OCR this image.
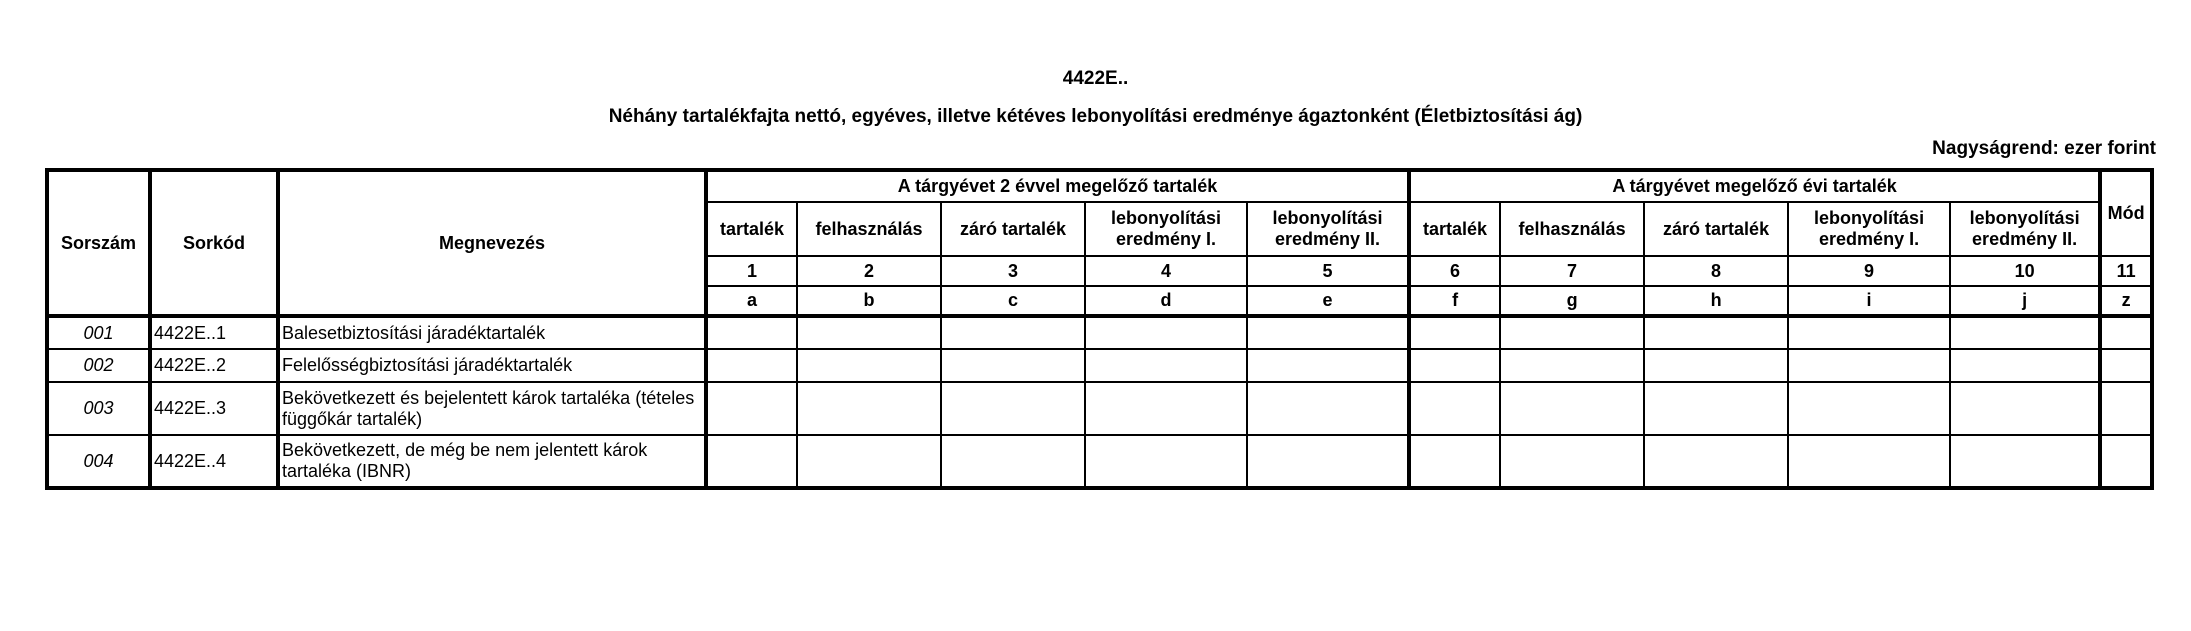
4422E..
Néhány tartalékfajta nettó, egyéves, illetve kétéves lebonyolítási eredménye ágaztonként (Életbiztosítási ág)
Nagyságrend: ezer forint
Sorszám	Sorkód	Megnevezés	A tárgyévet 2 évvel megelőző tartalék					A tárgyévet megelőző évi tartalék					Mód
			tartalék	felhasználás	záró tartalék	lebonyolítási eredmény I.	lebonyolítási eredmény II.	tartalék	felhasználás	záró tartalék	lebonyolítási eredmény I.	lebonyolítási eredmény II.	
			1	2	3	4	5	6	7	8	9	10	11
			a	b	c	d	e	f	g	h	i	j	z
001	4422E..1	Balesetbiztosítási járadéktartalék											
002	4422E..2	Felelősségbiztosítási járadéktartalék											
003	4422E..3	Bekövetkezett és bejelentett károk tartaléka (tételes függőkár tartalék)											
004	4422E..4	Bekövetkezett, de még be nem jelentett károk tartaléka (IBNR)											
